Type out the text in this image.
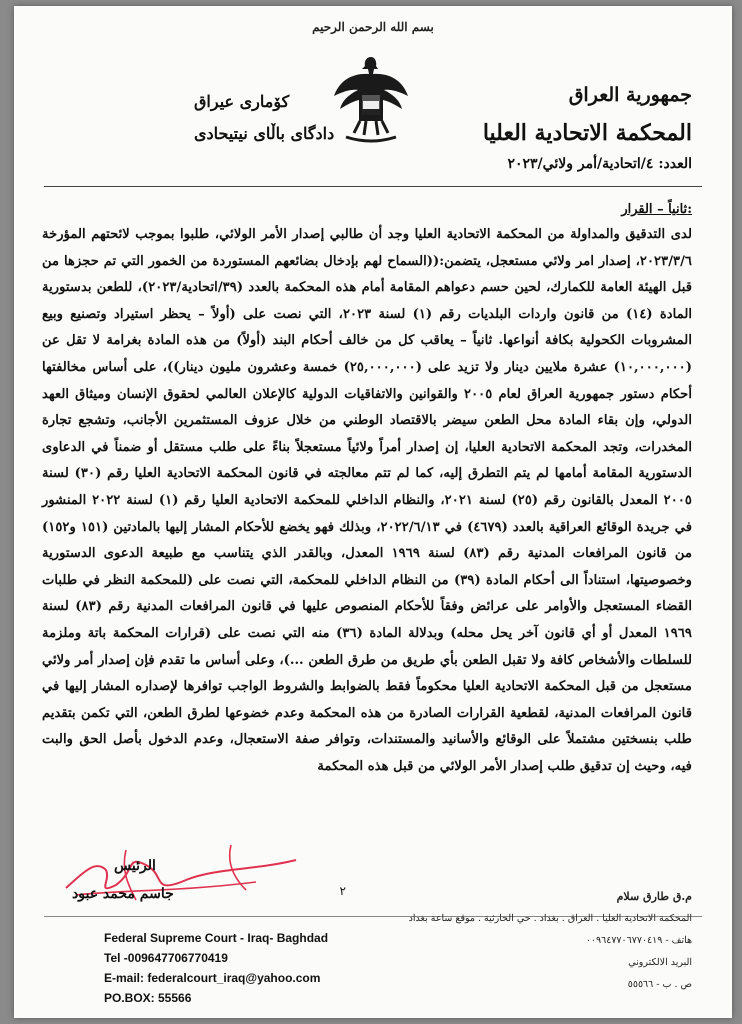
بسم الله الرحمن الرحيم
جمهورية العراق
المحكمة الاتحادية العليا
العدد: ٤/اتحادية/أمر ولائي/٢٠٢٣
كۆمارى عيراق
دادگاى باڵاى نيتيحادى
ثانياً – القرار:

لدى التدقيق والمداولة من المحكمة الاتحادية العليا وجد أن طالبي إصدار الأمر الولائي، طلبوا بموجب لائحتهم المؤرخة ٢٠٢٣/٣/٦، إصدار امر ولائي مستعجل، يتضمن:((السماح لهم بإدخال بضائعهم المستوردة من الخمور التي تم حجزها من قبل الهيئة العامة للكمارك، لحين حسم دعواهم المقامة أمام هذه المحكمة بالعدد (٣٩/اتحادية/٢٠٢٣)، للطعن بدستورية المادة (١٤) من قانون واردات البلديات رقم (١) لسنة ٢٠٢٣، التي نصت على (أولاً – يحظر استيراد وتصنيع وبيع المشروبات الكحولية بكافة أنواعها. ثانياً – يعاقب كل من خالف أحكام البند (أولاً) من هذه المادة بغرامة لا تقل عن (١٠,٠٠٠,٠٠٠) عشرة ملايين دينار ولا تزيد على (٢٥,٠٠٠,٠٠٠) خمسة وعشرون مليون دينار))، على أساس مخالفتها أحكام دستور جمهورية العراق لعام ٢٠٠٥ والقوانين والاتفاقيات الدولية كالإعلان العالمي لحقوق الإنسان وميثاق العهد الدولي، وإن بقاء المادة محل الطعن سيضر بالاقتصاد الوطني من خلال عزوف المستثمرين الأجانب، وتشجع تجارة المخدرات، وتجد المحكمة الاتحادية العليا، إن إصدار أمراً ولائياً مستعجلاً بناءً على طلب مستقل أو ضمناً في الدعاوى الدستورية المقامة أمامها لم يتم التطرق إليه، كما لم تتم معالجته في قانون المحكمة الاتحادية العليا رقم (٣٠) لسنة ٢٠٠٥ المعدل بالقانون رقم (٢٥) لسنة ٢٠٢١، والنظام الداخلي للمحكمة الاتحادية العليا رقم (١) لسنة ٢٠٢٢ المنشور في جريدة الوقائع العراقية بالعدد (٤٦٧٩) في ٢٠٢٢/٦/١٣، وبذلك فهو يخضع للأحكام المشار إليها بالمادتين (١٥١ و١٥٢) من قانون المرافعات المدنية رقم (٨٣) لسنة ١٩٦٩ المعدل، وبالقدر الذي يتناسب مع طبيعة الدعوى الدستورية وخصوصيتها، استناداً الى أحكام المادة (٣٩) من النظام الداخلي للمحكمة، التي نصت على (للمحكمة النظر في طلبات القضاء المستعجل والأوامر على عرائض وفقاً للأحكام المنصوص عليها في قانون المرافعات المدنية رقم (٨٣) لسنة ١٩٦٩ المعدل أو أي قانون آخر يحل محله) وبدلالة المادة (٣٦) منه التي نصت على (قرارات المحكمة باتة وملزمة للسلطات والأشخاص كافة ولا تقبل الطعن بأي طريق من طرق الطعن ...)، وعلى أساس ما تقدم فإن إصدار أمر ولائي مستعجل من قبل المحكمة الاتحادية العليا محكوماً فقط بالضوابط والشروط الواجب توافرها لإصداره المشار إليها في قانون المرافعات المدنية، لقطعية القرارات الصادرة من هذه المحكمة وعدم خضوعها لطرق الطعن، التي تكمن بتقديم طلب بنسختين مشتملاً على الوقائع والأسانيد والمستندات، وتوافر صفة الاستعجال، وعدم الدخول بأصل الحق والبت فيه، وحيث إن تدقيق طلب إصدار الأمر الولائي من قبل هذه المحكمة

الرئيس
جاسم محمد عبود	٢	م.ق طارق سلام
المحكمة الاتحادية العليا . العراق . بغداد . حي الحارثية . موقع ساعة بغداد
هاتف - ٠٠٩٦٤٧٧٠٦٧٧٠٤١٩
البريد الالكتروني
ص . ب - ٥٥٥٦٦
Federal Supreme Court - Iraq- Baghdad
Tel -009647706770419
E-mail: federalcourt_iraq@yahoo.com
PO.BOX: 55566
